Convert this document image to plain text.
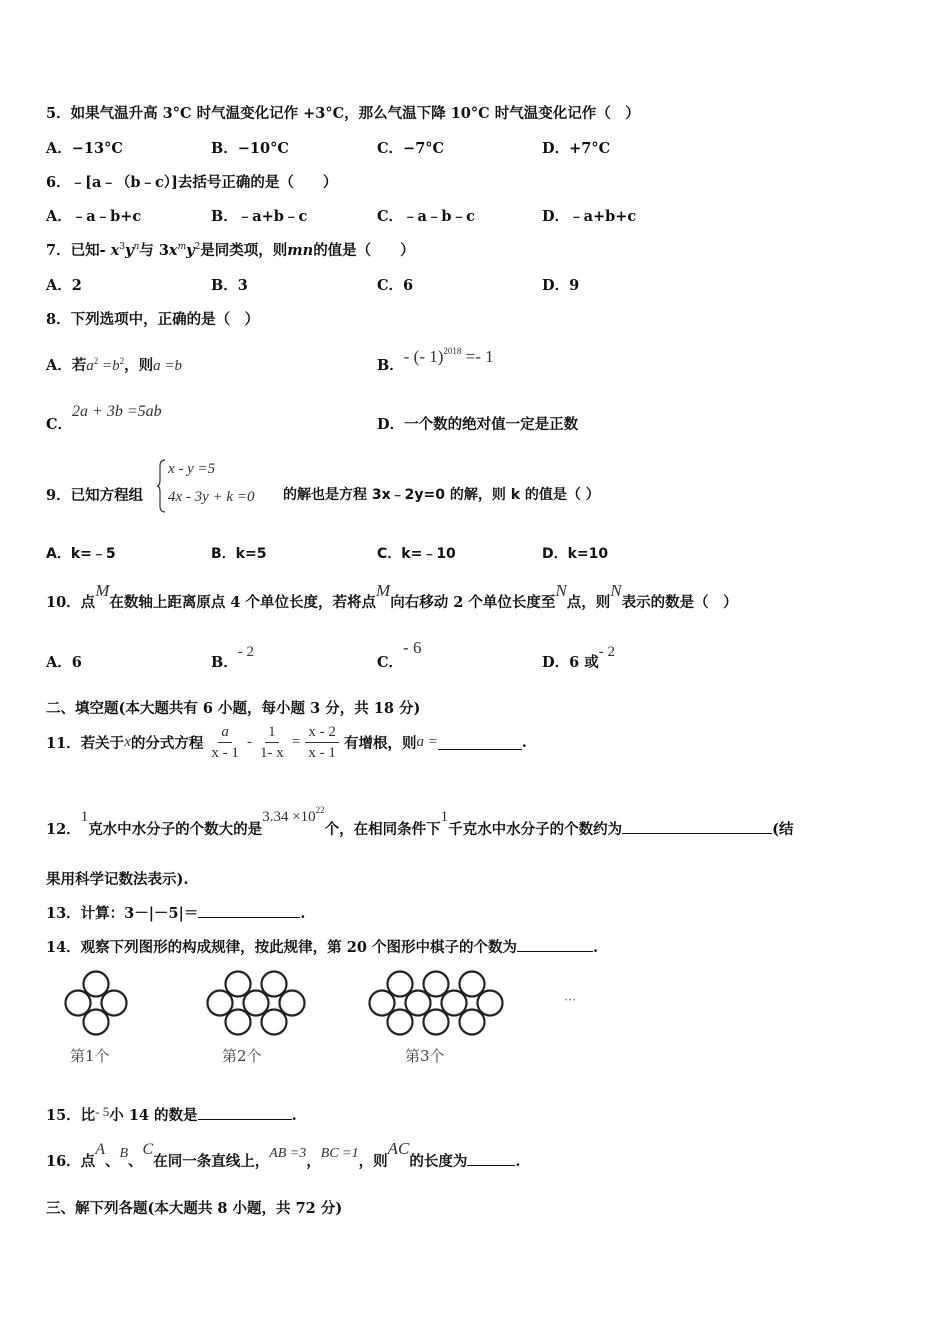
5．如果气温升高 3°C 时气温变化记作 +3°C，那么气温下降 10°C 时气温变化记作（　）
A．−13°C	B．−10°C	C．−7°C	D．+7°C
6．﹣[a﹣（b﹣c）]去括号正确的是（　　）
A．﹣a﹣b+c	B．﹣a+b﹣c	C．﹣a﹣b﹣c	D．﹣a+b+c
7．已知- $x^3y^n$与 $3x^my^2$是同类项，则mn的值是（　　）
A．2	B．3	C．6	D．9
8．下列选项中，正确的是（　）
A．若$a^2 =b^2$，则a =b	B．- (- 1)$^{2018}$ =- 1
C．2a + 3b =5ab
D．一个数的绝对值一定是正数
9．已知方程组
x - y =5
4x - 3y + k =0 的解也是方程 3x﹣2y=0 的解，则 k 的值是（ ）
A．k=﹣5	B．k=5	C．k=﹣10	D．k=10
10．点M在数轴上距离原点 4 个单位长度，若将点M向右移动 2 个单位长度至N点，则N表示的数是（　）
A．6	B．- 2
C．- 6
D．6 或- 2
二、填空题(本大题共有 6 小题，每小题 3 分，共 18 分)
11．若关于x的分式方程 $\frac{a}{x - 1} - \frac{1}{1- x} = \frac{x - 2}{x - 1}$ 有增根，则a =	.
12．1克水中水分子的个数大的是$3.34 \times 10^{22}$个，在相同条件下1千克水中水分子的个数约为	(结
果用科学记数法表示).
13．计算：3－|－5|＝	.
14．观察下列图形的构成规律，按此规律，第 20 个图形中棋子的个数为	.
第1个	第2个	第3个
···
15．比- 5小 14 的数是	.
16．点A、B、C在同一条直线上，AB =3，BC =1，则AC的长度为	.
三、解下列各题(本大题共 8 小题，共 72 分)
